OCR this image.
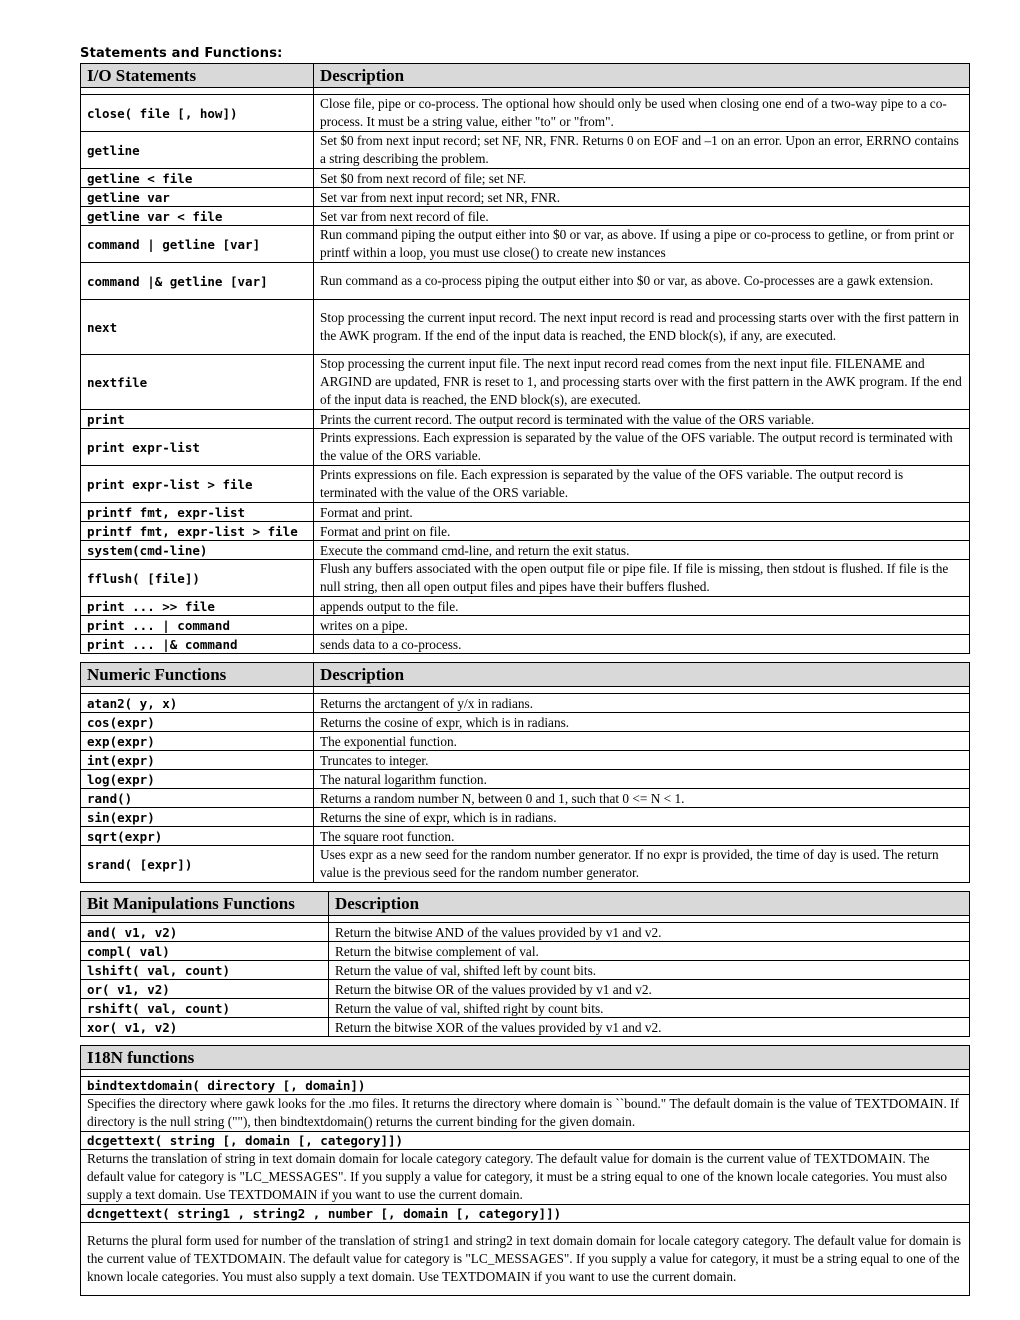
Statements and Functions:
I/O Statements	Description

close( file [, how])	Close file, pipe or co-process. The optional how should only be used when closing one end of a two-way pipe to a co-process. It must be a string value, either "to" or "from".
getline	Set $0 from next input record; set NF, NR, FNR. Returns 0 on EOF and –1 on an error. Upon an error, ERRNO contains a string describing the problem.
getline < file	Set $0 from next record of file; set NF.
getline var	Set var from next input record; set NR, FNR.
getline var < file	Set var from next record of file.
command | getline [var]	Run command piping the output either into $0 or var, as above. If using a pipe or co-process to getline, or from print or printf within a loop, you must use close() to create new instances
command |& getline [var]	Run command as a co-process piping the output either into $0 or var, as above. Co-processes are a gawk extension.
next	Stop processing the current input record. The next input record is read and processing starts over with the first pattern in the AWK program. If the end of the input data is reached, the END block(s), if any, are executed.
nextfile	Stop processing the current input file. The next input record read comes from the next input file. FILENAME and ARGIND are updated, FNR is reset to 1, and processing starts over with the first pattern in the AWK program. If the end of the input data is reached, the END block(s), are executed.
print	Prints the current record. The output record is terminated with the value of the ORS variable.
print expr-list	Prints expressions. Each expression is separated by the value of the OFS variable. The output record is terminated with the value of the ORS variable.
print expr-list > file	Prints expressions on file. Each expression is separated by the value of the OFS variable. The output record is terminated with the value of the ORS variable.
printf fmt, expr-list	Format and print.
printf fmt, expr-list > file	Format and print on file.
system(cmd-line)	Execute the command cmd-line, and return the exit status.
fflush( [file])	Flush any buffers associated with the open output file or pipe file. If file is missing, then stdout is flushed. If file is the null string, then all open output files and pipes have their buffers flushed.
print ... >> file	appends output to the file.
print ... | command	writes on a pipe.
print ... |& command	sends data to a co-process.
Numeric Functions	Description

atan2( y, x)	Returns the arctangent of y/x in radians.
cos(expr)	Returns the cosine of expr, which is in radians.
exp(expr)	The exponential function.
int(expr)	Truncates to integer.
log(expr)	The natural logarithm function.
rand()	Returns a random number N, between 0 and 1, such that 0 <= N < 1.
sin(expr)	Returns the sine of expr, which is in radians.
sqrt(expr)	The square root function.
srand( [expr])	Uses expr as a new seed for the random number generator. If no expr is provided, the time of day is used. The return value is the previous seed for the random number generator.
Bit Manipulations Functions	Description

and( v1, v2)	Return the bitwise AND of the values provided by v1 and v2.
compl( val)	Return the bitwise complement of val.
lshift( val, count)	Return the value of val, shifted left by count bits.
or( v1, v2)	Return the bitwise OR of the values provided by v1 and v2.
rshift( val, count)	Return the value of val, shifted right by count bits.
xor( v1, v2)	Return the bitwise XOR of the values provided by v1 and v2.
I18N functions

bindtextdomain( directory [, domain])
Specifies the directory where gawk looks for the .mo files. It returns the directory where domain is ``bound." The default domain is the value of TEXTDOMAIN. If directory is the null string (""), then bindtextdomain() returns the current binding for the given domain.
dcgettext( string [, domain [, category]])
Returns the translation of string in text domain domain for locale category category. The default value for domain is the current value of TEXTDOMAIN. The default value for category is "LC_MESSAGES". If you supply a value for category, it must be a string equal to one of the known locale categories. You must also supply a text domain. Use TEXTDOMAIN if you want to use the current domain.
dcngettext( string1 , string2 , number [, domain [, category]])
Returns the plural form used for number of the translation of string1 and string2 in text domain domain for locale category category. The default value for domain is the current value of TEXTDOMAIN. The default value for category is "LC_MESSAGES". If you supply a value for category, it must be a string equal to one of the known locale categories. You must also supply a text domain. Use TEXTDOMAIN if you want to use the current domain.
